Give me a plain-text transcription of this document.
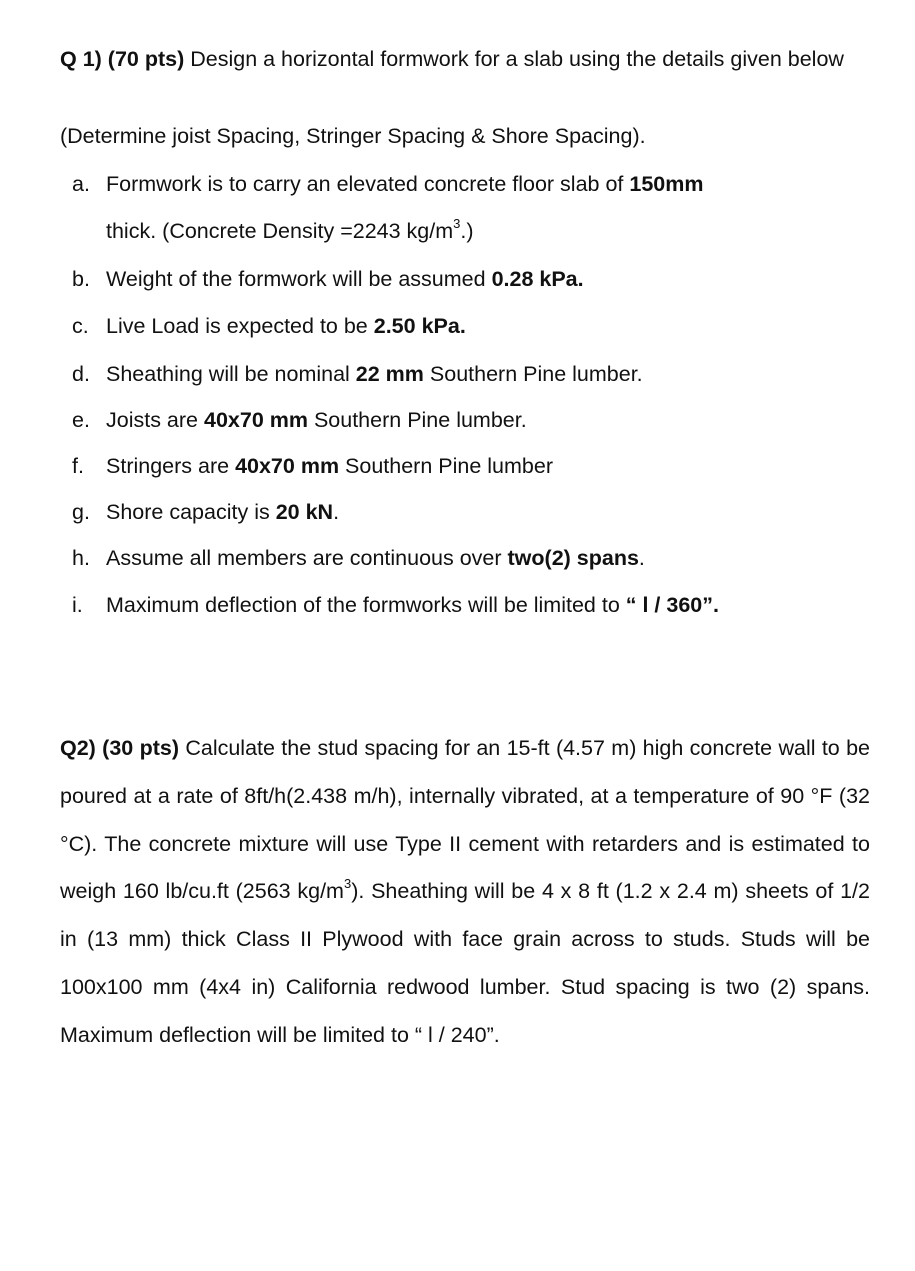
Q 1) (70 pts) Design a horizontal formwork for a slab using the details given below
(Determine joist Spacing, Stringer Spacing & Shore Spacing).
a. Formwork is to carry an elevated concrete floor slab of 150mm
thick. (Concrete Density =2243 $kg/m^3$.)
b. Weight of the formwork will be assumed 0.28 kPa.
c. Live Load is expected to be 2.50 kPa.
d. Sheathing will be nominal 22 mm Southern Pine lumber.
e. Joists are 40x70 mm Southern Pine lumber.
f.	Stringers are 40x70 mm Southern Pine lumber
g. Shore capacity is 20 kN.
h. Assume all members are continuous over two(2) spans.
i.	Maximum deflection of the formworks will be limited to “ l / 360”.
Q2) (30 pts) Calculate the stud spacing for an 15-ft (4.57 m) high concrete wall to be poured at a rate of 8ft/h(2.438 m/h), internally vibrated, at a temperature of 90 °F (32 °C). The concrete mixture will use Type II cement with retarders and is estimated to weigh 160 lb/cu.ft (2563 $kg/m^3$). Sheathing will be 4 x 8 ft (1.2 x 2.4 m) sheets of 1/2 in (13 mm) thick Class II Plywood with face grain across to studs. Studs will be 100x100 mm (4x4 in) California redwood lumber. Stud spacing is two (2) spans. Maximum deflection will be limited to “ l / 240”.
